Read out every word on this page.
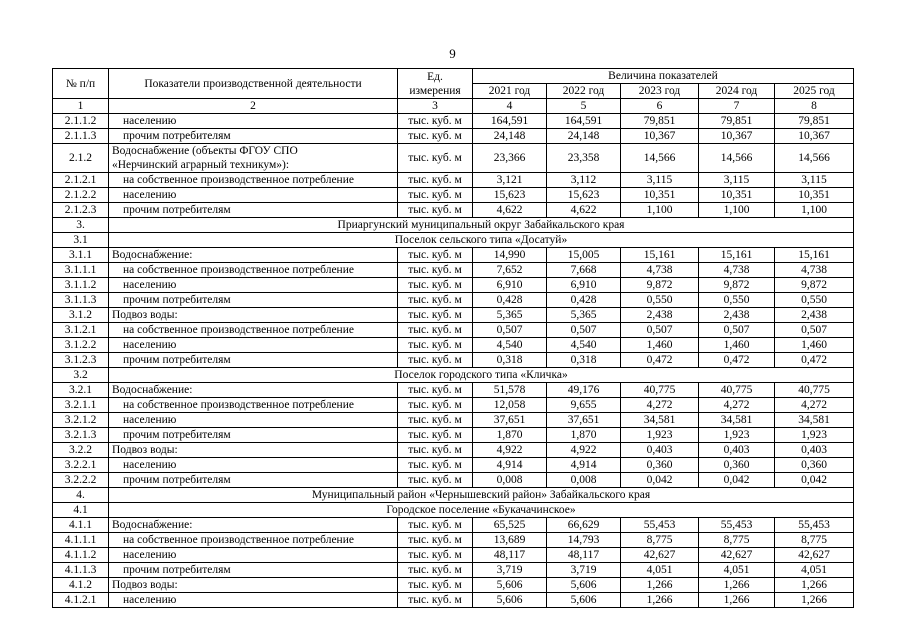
9
№ п/п	Показатели производственной деятельности	Ед.
измерения	Величина показателей				
			2021 год	2022 год	2023 год	2024 год	2025 год
1	2	3	4	5	6	7	8
2.1.1.2	населению	тыс. куб. м	164,591	164,591	79,851	79,851	79,851
2.1.1.3	прочим потребителям	тыс. куб. м	24,148	24,148	10,367	10,367	10,367
2.1.2	Водоснабжение (объекты ФГОУ СПО
«Нерчинский аграрный техникум»):	тыс. куб. м	23,366	23,358	14,566	14,566	14,566
2.1.2.1	на собственное производственное потребление	тыс. куб. м	3,121	3,112	3,115	3,115	3,115
2.1.2.2	населению	тыс. куб. м	15,623	15,623	10,351	10,351	10,351
2.1.2.3	прочим потребителям	тыс. куб. м	4,622	4,622	1,100	1,100	1,100
3.	Приаргунский муниципальный округ Забайкальского края						
3.1	Поселок сельского типа «Досатуй»						
3.1.1	Водоснабжение:	тыс. куб. м	14,990	15,005	15,161	15,161	15,161
3.1.1.1	на собственное производственное потребление	тыс. куб. м	7,652	7,668	4,738	4,738	4,738
3.1.1.2	населению	тыс. куб. м	6,910	6,910	9,872	9,872	9,872
3.1.1.3	прочим потребителям	тыс. куб. м	0,428	0,428	0,550	0,550	0,550
3.1.2	Подвоз воды:	тыс. куб. м	5,365	5,365	2,438	2,438	2,438
3.1.2.1	на собственное производственное потребление	тыс. куб. м	0,507	0,507	0,507	0,507	0,507
3.1.2.2	населению	тыс. куб. м	4,540	4,540	1,460	1,460	1,460
3.1.2.3	прочим потребителям	тыс. куб. м	0,318	0,318	0,472	0,472	0,472
3.2	Поселок городского типа «Кличка»						
3.2.1	Водоснабжение:	тыс. куб. м	51,578	49,176	40,775	40,775	40,775
3.2.1.1	на собственное производственное потребление	тыс. куб. м	12,058	9,655	4,272	4,272	4,272
3.2.1.2	населению	тыс. куб. м	37,651	37,651	34,581	34,581	34,581
3.2.1.3	прочим потребителям	тыс. куб. м	1,870	1,870	1,923	1,923	1,923
3.2.2	Подвоз воды:	тыс. куб. м	4,922	4,922	0,403	0,403	0,403
3.2.2.1	населению	тыс. куб. м	4,914	4,914	0,360	0,360	0,360
3.2.2.2	прочим потребителям	тыс. куб. м	0,008	0,008	0,042	0,042	0,042
4.	Муниципальный район «Чернышевский район» Забайкальского края						
4.1	Городское поселение «Букачачинское»						
4.1.1	Водоснабжение:	тыс. куб. м	65,525	66,629	55,453	55,453	55,453
4.1.1.1	на собственное производственное потребление	тыс. куб. м	13,689	14,793	8,775	8,775	8,775
4.1.1.2	населению	тыс. куб. м	48,117	48,117	42,627	42,627	42,627
4.1.1.3	прочим потребителям	тыс. куб. м	3,719	3,719	4,051	4,051	4,051
4.1.2	Подвоз воды:	тыс. куб. м	5,606	5,606	1,266	1,266	1,266
4.1.2.1	населению	тыс. куб. м	5,606	5,606	1,266	1,266	1,266
